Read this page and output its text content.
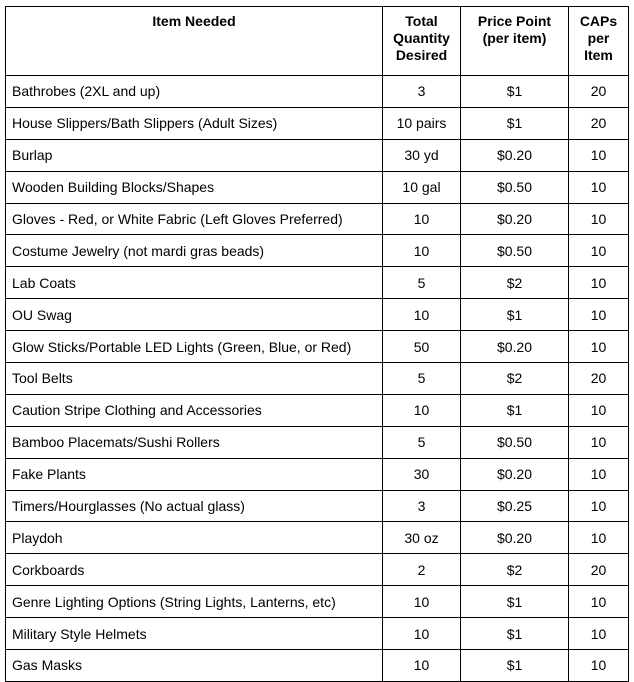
Item Needed	Total Quantity Desired	Price Point (per item)	CAPs per Item
Bathrobes (2XL and up)	3	$1	20
House Slippers/Bath Slippers (Adult Sizes)	10 pairs	$1	20
Burlap	30 yd	$0.20	10
Wooden Building Blocks/Shapes	10 gal	$0.50	10
Gloves - Red, or White Fabric (Left Gloves Preferred)	10	$0.20	10
Costume Jewelry (not mardi gras beads)	10	$0.50	10
Lab Coats	5	$2	10
OU Swag	10	$1	10
Glow Sticks/Portable LED Lights (Green, Blue, or Red)	50	$0.20	10
Tool Belts	5	$2	20
Caution Stripe Clothing and Accessories	10	$1	10
Bamboo Placemats/Sushi Rollers	5	$0.50	10
Fake Plants	30	$0.20	10
Timers/Hourglasses (No actual glass)	3	$0.25	10
Playdoh	30 oz	$0.20	10
Corkboards	2	$2	20
Genre Lighting Options (String Lights, Lanterns, etc)	10	$1	10
Military Style Helmets	10	$1	10
Gas Masks	10	$1	10
